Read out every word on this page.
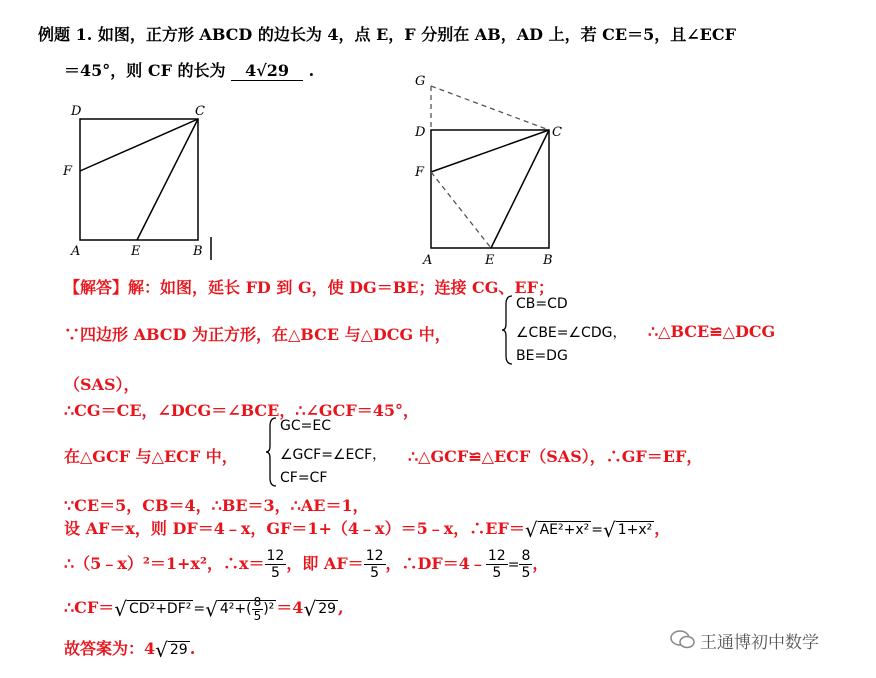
例题 1. 如图，正方形 ABCD 的边长为 4，点 E，F 分别在 AB，AD 上，若 CE＝5，且∠ECF
＝45°，则 CF 的长为 4√29 .
D	C
F
A	E	B
G
D	C
F
A	E	B
【解答】解：如图，延长 FD 到 G，使 DG＝BE；连接 CG、EF；
∵四边形 ABCD 为正方形，在△BCE 与△DCG 中，
CB=CD
∠CBE=∠CDG，
BE=DG
∴△BCE≌△DCG
（SAS），
∴CG＝CE，∠DCG＝∠BCE，∴∠GCF＝45°，
在△GCF 与△ECF 中，
GC=EC
∠GCF=∠ECF，
CF=CF
∴△GCF≌△ECF（SAS），∴GF＝EF，
∵CE＝5，CB＝4，∴BE＝3，∴AE＝1，
设 AF＝x，则 DF＝4﹣x，GF＝1+（4﹣x）＝5﹣x，∴EF＝√ AE²+x² =√ 1+x² ，
∴（5﹣x）²＝1+x²，∴x＝ $\frac{12}{5}$ ，即 $AF= \frac{12}{5}$ ，∴DF＝4﹣ $\frac{12}{5} = \frac{8}{5}$ ，
∴CF＝√ CD²+DF² =√ $4^2+( \frac{8}{5} )^2 =4√$ 29 ,
故答案为：4√ 29 .	王通博初中数学
